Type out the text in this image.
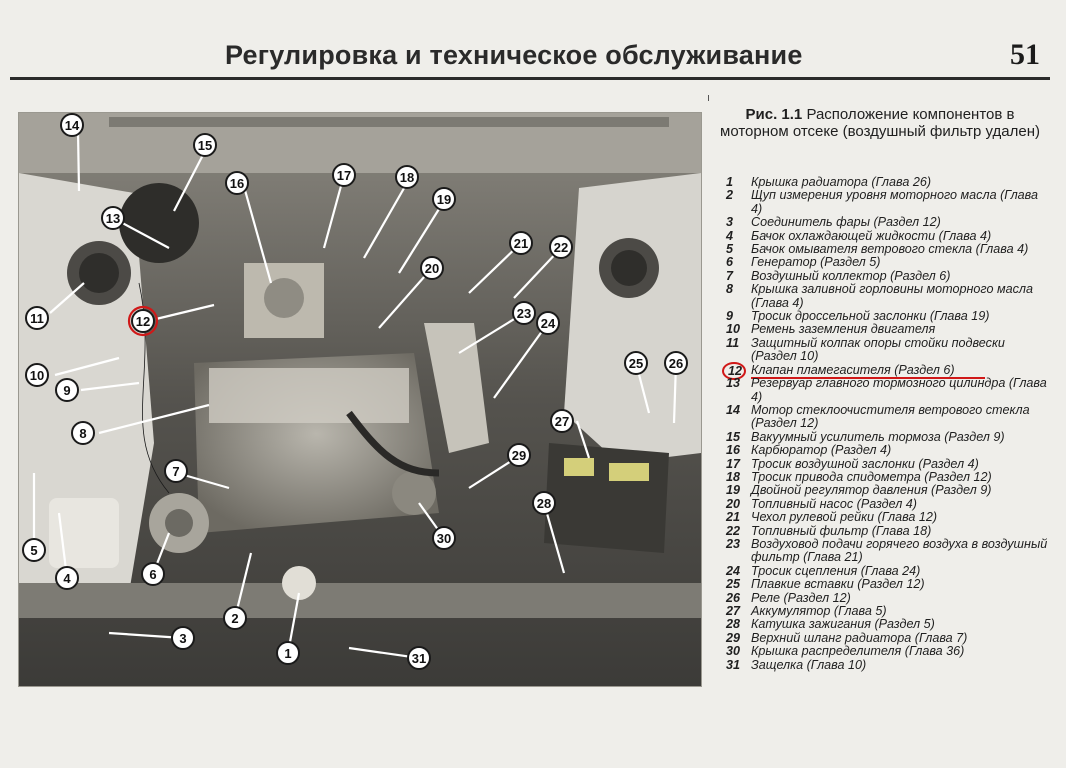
Регулировка и техническое обслуживание	51
14
15
16
17	18
19
13
21 22
20
11	12
23
24
10
9
25 26
8
27
29
7
28
30
5
4	6
2
3
1	31
Рис. 1.1 Расположение компонентов в моторном отсеке (воздушный фильтр удален)
1	Крышка радиатора (Глава 26)
2	Щуп измерения уровня моторного масла (Глава 4)
3	Соединитель фары (Раздел 12)
4	Бачок охлаждающей жидкости (Глава 4)
5	Бачок омывателя ветрового стекла (Глава 4)
6	Генератор (Раздел 5)
7	Воздушный коллектор (Раздел 6)
8	Крышка заливной горловины моторного масла (Глава 4)
9	Тросик дроссельной заслонки (Глава 19)
10 Ремень заземления двигателя
11 Защитный колпак опоры стойки подвески (Раздел 10)
12 Клапан пламегасителя (Раздел 6)
13 Резервуар главного тормозного цилиндра (Глава 4)
14 Мотор стеклоочистителя ветрового стекла (Раздел 12)
15 Вакуумный усилитель тормоза (Раздел 9)
16 Карбюратор (Раздел 4)
17 Тросик воздушной заслонки (Раздел 4)
18 Тросик привода спидометра (Раздел 12)
19 Двойной регулятор давления (Раздел 9)
20 Топливный насос (Раздел 4)
21 Чехол рулевой рейки (Глава 12)
22 Топливный фильтр (Глава 18)
23 Воздуховод подачи горячего воздуха в воздушный фильтр (Глава 21)
24 Тросик сцепления (Глава 24)
25 Плавкие вставки (Раздел 12)
26 Реле (Раздел 12)
27 Аккумулятор (Глава 5)
28 Катушка зажигания (Раздел 5)
29 Верхний шланг радиатора (Глава 7)
30 Крышка распределителя (Глава 36)
31 Защелка (Глава 10)
